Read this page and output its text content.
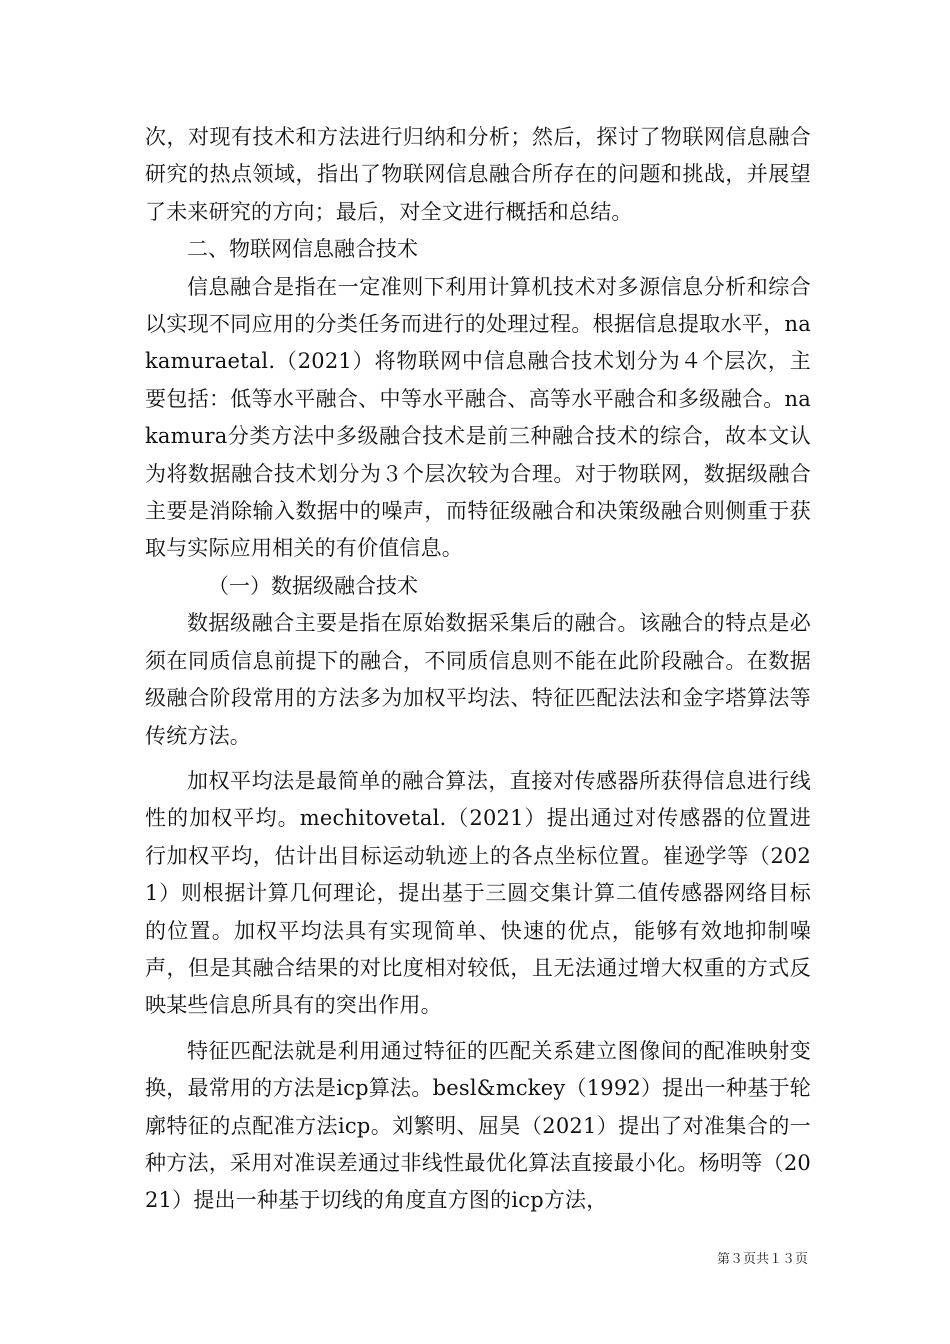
次，对现有技术和方法进行归纳和分析；然后，探讨了物联网信息融合研究的热点领域，指出了物联网信息融合所存在的问题和挑战，并展望了未来研究的方向；最后，对全文进行概括和总结。

二、物联网信息融合技术

信息融合是指在一定准则下利用计算机技术对多源信息分析和综合以实现不同应用的分类任务而进行的处理过程。根据信息提取水平，nakamuraetal.（2021）将物联网中信息融合技术划分为４个层次，主要包括：低等水平融合、中等水平融合、高等水平融合和多级融合。nakamura分类方法中多级融合技术是前三种融合技术的综合，故本文认为将数据融合技术划分为３个层次较为合理。对于物联网，数据级融合主要是消除输入数据中的噪声，而特征级融合和决策级融合则侧重于获取与实际应用相关的有价值信息。

（一）数据级融合技术

数据级融合主要是指在原始数据采集后的融合。该融合的特点是必须在同质信息前提下的融合，不同质信息则不能在此阶段融合。在数据级融合阶段常用的方法多为加权平均法、特征匹配法法和金字塔算法等传统方法。

加权平均法是最简单的融合算法，直接对传感器所获得信息进行线性的加权平均。mechitovetal.（2021）提出通过对传感器的位置进行加权平均，估计出目标运动轨迹上的各点坐标位置。崔逊学等（2021）则根据计算几何理论，提出基于三圆交集计算二值传感器网络目标的位置。加权平均法具有实现简单、快速的优点，能够有效地抑制噪声，但是其融合结果的对比度相对较低，且无法通过增大权重的方式反映某些信息所具有的突出作用。

特征匹配法就是利用通过特征的匹配关系建立图像间的配准映射变换，最常用的方法是icp算法。besl&mckey（1992）提出一种基于轮廓特征的点配准方法icp。刘繁明、屈昊（2021）提出了对准集合的一种方法，采用对准误差通过非线性最优化算法直接最小化。杨明等（2021）提出一种基于切线的角度直方图的icp方法，

第３页共１３页
